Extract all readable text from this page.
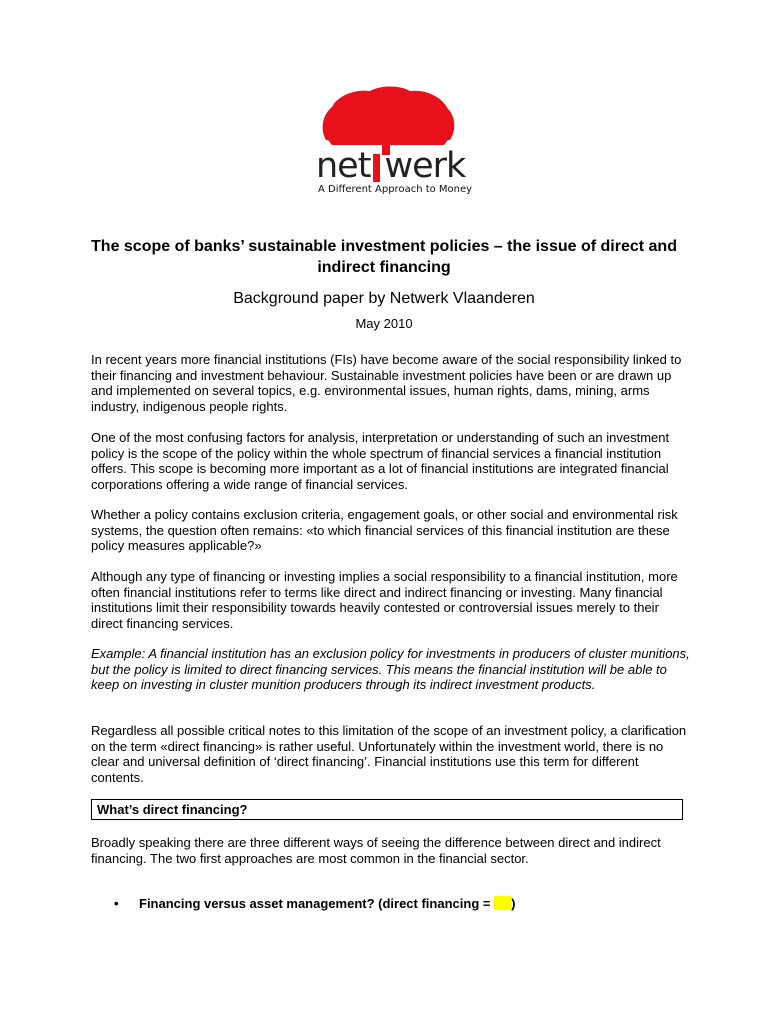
net werk
A Different Approach to Money
The scope of banks’ sustainable investment policies – the issue of direct and indirect financing
Background paper by Netwerk Vlaanderen
May 2010
In recent years more financial institutions (FIs) have become aware of the social responsibility linked to their financing and investment behaviour. Sustainable investment policies have been or are drawn up and implemented on several topics, e.g. environmental issues, human rights, dams, mining, arms industry, indigenous people rights.
One of the most confusing factors for analysis, interpretation or understanding of such an investment policy is the scope of the policy within the whole spectrum of financial services a financial institution offers. This scope is becoming more important as a lot of financial institutions are integrated financial corporations offering a wide range of financial services.
Whether a policy contains exclusion criteria, engagement goals, or other social and environmental risk systems, the question often remains: «to which financial services of this financial institution are these policy measures applicable?»
Although any type of financing or investing implies a social responsibility to a financial institution, more often financial institutions refer to terms like direct and indirect financing or investing. Many financial institutions limit their responsibility towards heavily contested or controversial issues merely to their direct financing services.
Example: A financial institution has an exclusion policy for investments in producers of cluster munitions, but the policy is limited to direct financing services. This means the financial institution will be able to keep on investing in cluster munition producers through its indirect investment products.
Regardless all possible critical notes to this limitation of the scope of an investment policy, a clarification on the term «direct financing» is rather useful. Unfortunately within the investment world, there is no clear and universal definition of ‘direct financing’. Financial institutions use this term for different contents.
What’s direct financing?
Broadly speaking there are three different ways of seeing the difference between direct and indirect financing. The two first approaches are most common in the financial sector.
• Financing versus asset management? (direct financing = )
